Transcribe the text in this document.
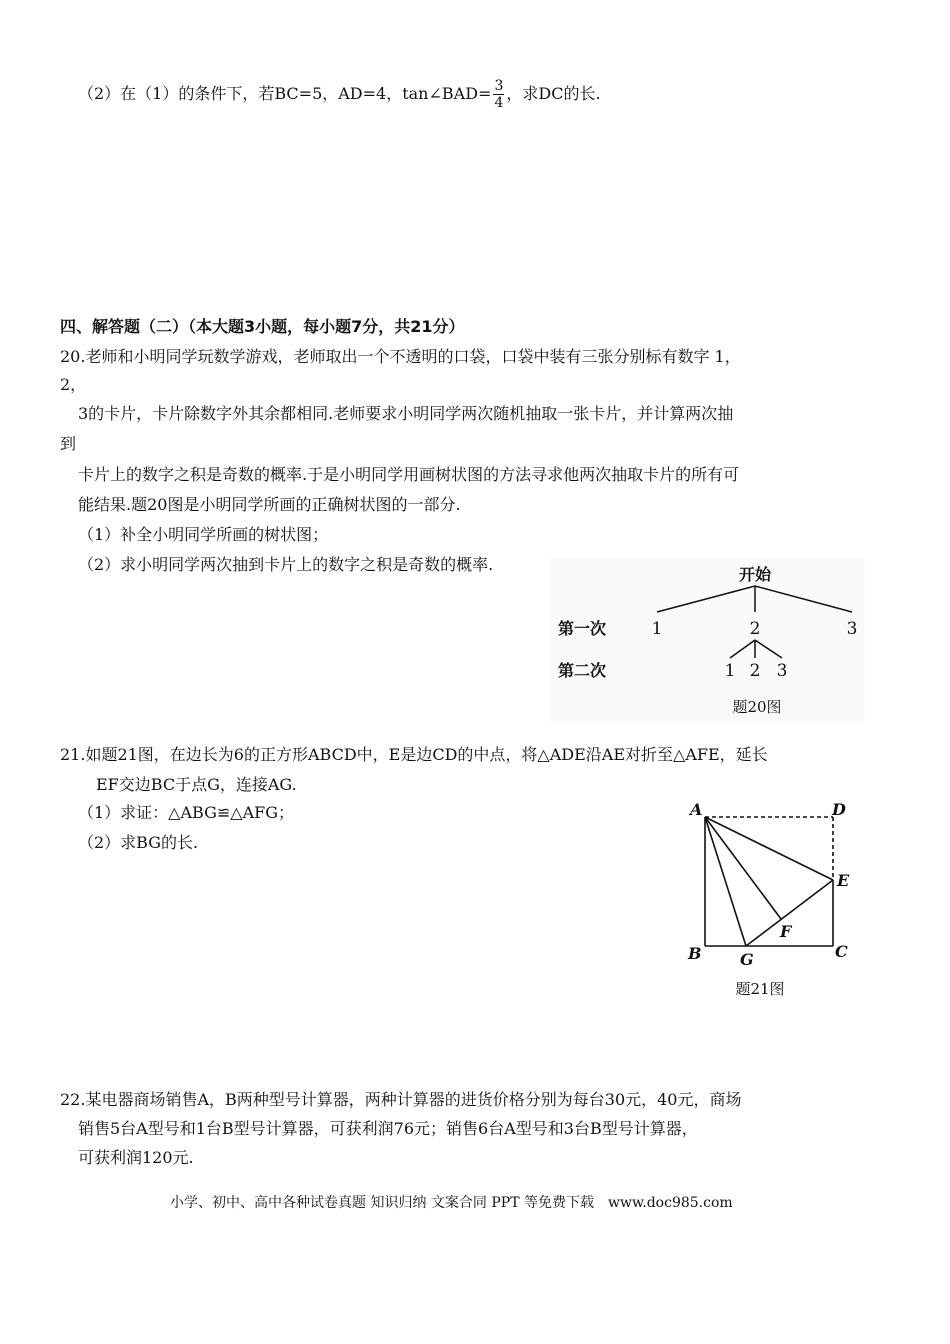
（2）在（1）的条件下，若BC=5，AD=4，tan∠BAD= $\frac{3}{4}$ ，求DC的长.
四、解答题（二）（本大题3小题，每小题7分，共21分）
20.老师和小明同学玩数学游戏，老师取出一个不透明的口袋，口袋中装有三张分别标有数字 1，
2，
3的卡片，卡片除数字外其余都相同.老师要求小明同学两次随机抽取一张卡片，并计算两次抽
到
卡片上的数字之积是奇数的概率.于是小明同学用画树状图的方法寻求他两次抽取卡片的所有可
能结果.题20图是小明同学所画的正确树状图的一部分.
（1）补全小明同学所画的树状图；
（2）求小明同学两次抽到卡片上的数字之积是奇数的概率.
开始
第一次
第二次
1	2	3
1 2 3
题20图
21.如题21图，在边长为6的正方形ABCD中，E是边CD的中点，将△ADE沿AE对折至△AFE，延长
EF交边BC于点G，连接AG.
（1）求证：△ABG≌△AFG；
（2）求BG的长.
A	D
E
F
B G	C
题21图
22.某电器商场销售A，B两种型号计算器，两种计算器的进货价格分别为每台30元，40元，商场
销售5台A型号和1台B型号计算器，可获利润76元；销售6台A型号和3台B型号计算器，
可获利润120元.
小学、初中、高中各种试卷真题 知识归纳 文案合同 PPT 等免费下载　www.doc985.com
